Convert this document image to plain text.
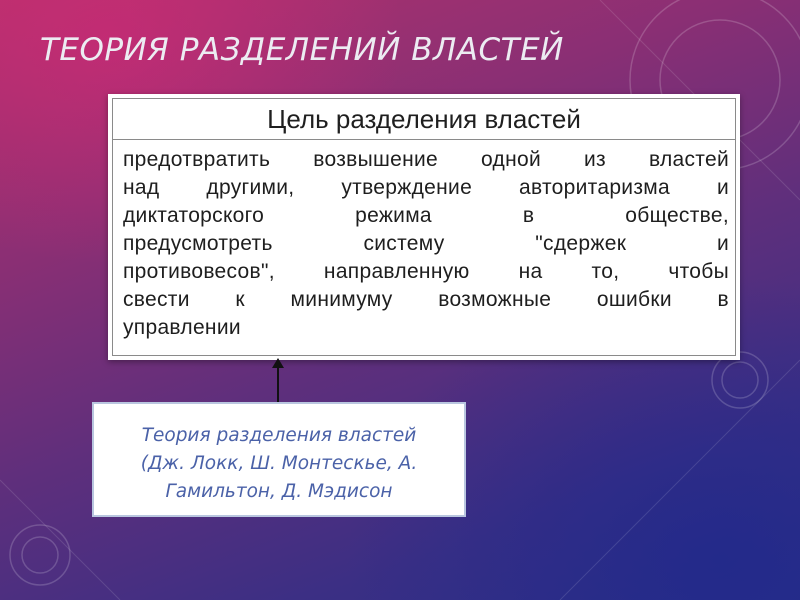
ТЕОРИЯ РАЗДЕЛЕНИЙ ВЛАСТЕЙ
Цель разделения властей
предотвратить возвышение одной из властей
над другими, утверждение авторитаризма и
диктаторского режима в обществе,
предусмотреть систему "сдержек и
противовесов", направленную на то, чтобы
свести к минимуму возможные ошибки в
управлении
Теория разделения властей
(Дж. Локк, Ш. Монтескье, А.
Гамильтон, Д. Мэдисон
